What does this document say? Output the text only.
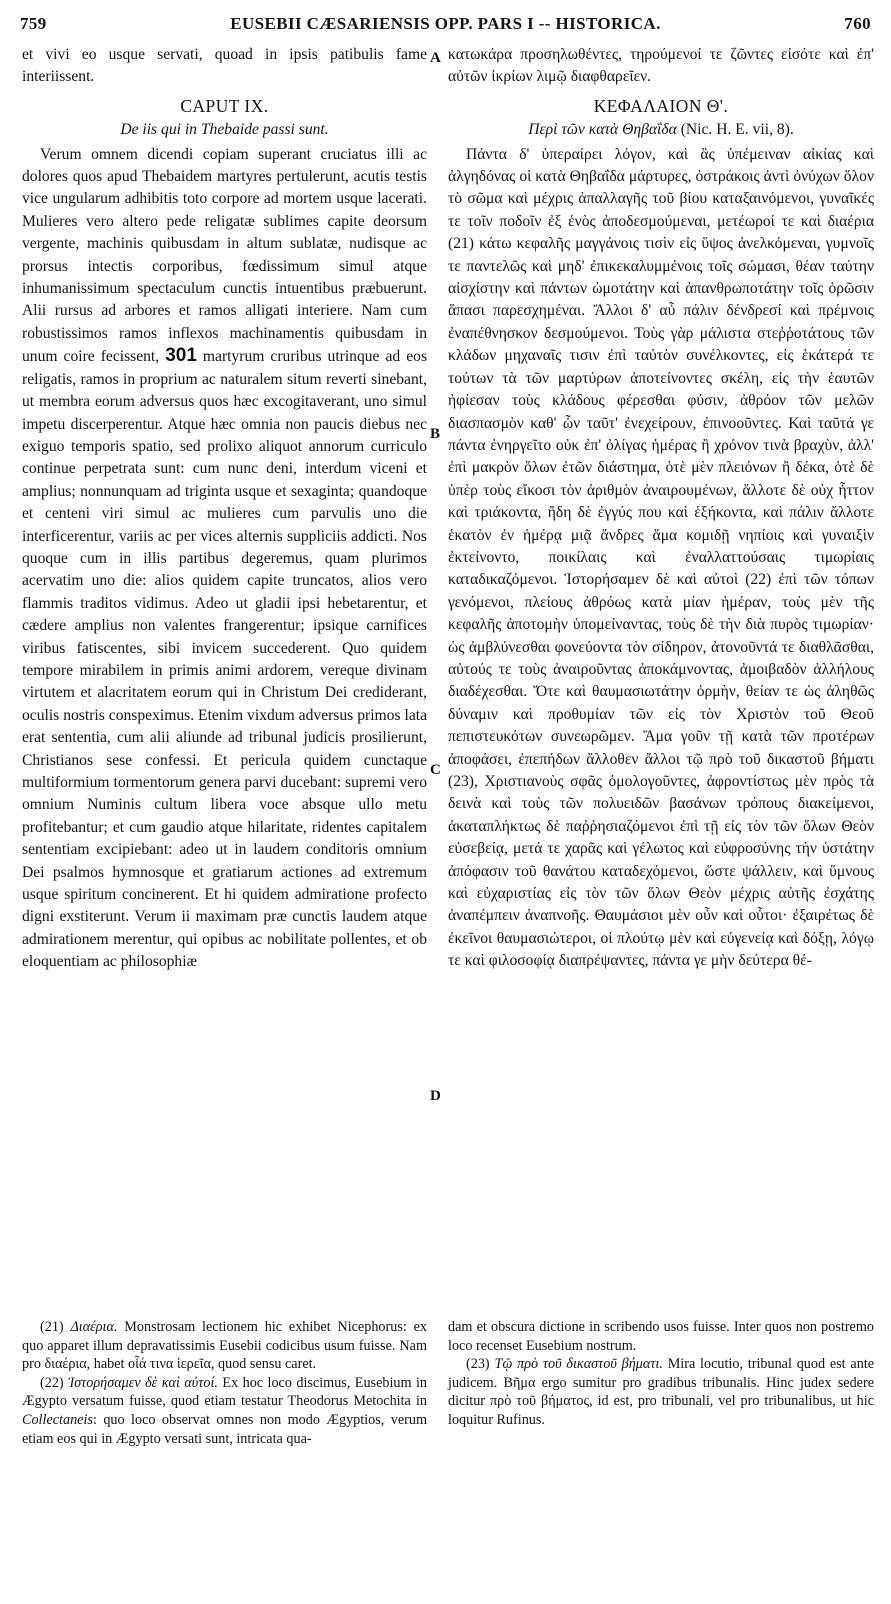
759	EUSEBII CÆSARIENSIS OPP. PARS I -- HISTORICA.	760

et vivi eo usque servati, quoad in ipsis patibulis fame interiissent.

CAPUT IX.
De iis qui in Thebaide passi sunt.

Verum omnem dicendi copiam superant cruciatus illi ac dolores quos apud Thebaidem martyres pertulerunt, acutis testis vice ungularum adhibitis toto corpore ad mortem usque lacerati. Mulieres vero altero pede religatæ sublimes capite deorsum vergente, machinis quibusdam in altum sublatæ, nudisque ac prorsus intectis corporibus, fœdissimum simul atque inhumanissimum spectaculum cunctis intuentibus præbuerunt. Alii rursus ad arbores et ramos alligati interiere. Nam cum robustissimos ramos inflexos machinamentis quibusdam in unum coire fecissent, 301 martyrum cruribus utrinque ad eos religatis, ramos in proprium ac naturalem situm reverti sinebant, ut membra eorum adversus quos hæc excogitaverant, uno simul impetu discerperentur. Atque hæc omnia non paucis diebus nec exiguo temporis spatio, sed prolixo aliquot annorum curriculo continue perpetrata sunt: cum nunc deni, interdum viceni et amplius; nonnunquam ad triginta usque et sexaginta; quandoque et centeni viri simul ac mulieres cum parvulis uno die interficerentur, variis ac per vices alternis suppliciis addicti. Nos quoque cum in illis partibus degeremus, quam plurimos acervatim uno die: alios quidem capite truncatos, alios vero flammis traditos vidimus. Adeo ut gladii ipsi hebetarentur, et cædere amplius non valentes frangerentur; ipsique carnifices viribus fatiscentes, sibi invicem succederent. Quo quidem tempore mirabilem in primis animi ardorem, vereque divinam virtutem et alacritatem eorum qui in Christum Dei crediderant, oculis nostris conspeximus. Etenim vixdum adversus primos lata erat sententia, cum alii aliunde ad tribunal judicis prosilierunt, Christianos sese confessi. Et pericula quidem cunctaque multiformium tormentorum genera parvi ducebant: supremi vero omnium Numinis cultum libera voce absque ullo metu profitebantur; et cum gaudio atque hilaritate, ridentes capitalem sententiam excipiebant: adeo ut in laudem conditoris omnium Dei psalmos hymnosque et gratiarum actiones ad extremum usque spiritum concinerent. Et hi quidem admiratione profecto digni exstiterunt. Verum ii maximam præ cunctis laudem atque admirationem merentur, qui opibus ac nobilitate pollentes, et ob eloquentiam ac philosophiæ

A
B
C
D

κατωκάρα προσηλωθέντες, τηρούμενοί τε ζῶντες εἰσότε καὶ ἐπ' αὐτῶν ἰκρίων λιμῷ διαφθαρεῖεν.

ΚΕΦΑΛΑΙΟΝ Θ'.
Περὶ τῶν κατὰ Θηβαΐδα (Nic. H. E. vii, 8).

Πάντα δ' ὑπεραίρει λόγον, καὶ ἃς ὑπέμειναν αἰκίας καὶ ἀλγηδόνας οἱ κατὰ Θηβαΐδα μάρτυρες, ὀστράκοις ἀντὶ ὀνύχων ὅλον τὸ σῶμα καὶ μέχρις ἀπαλλαγῆς τοῦ βίου καταξαινόμενοι, γυναῖκές τε τοῖν ποδοῖν ἐξ ἑνὸς ἀποδεσμούμεναι, μετέωροί τε καὶ διαέρια (21) κάτω κεφαλῆς μαγγάνοις τισὶν εἰς ὕψος ἀνελκόμεναι, γυμνοῖς τε παντελῶς καὶ μηδ' ἐπικεκαλυμμένοις τοῖς σώμασι, θέαν ταύτην αἰσχίστην καὶ πάντων ὠμοτάτην καὶ ἀπανθρωποτάτην τοῖς ὁρῶσιν ἅπασι παρεσχημέναι. Ἄλλοι δ' αὖ πάλιν δένδρεσί καὶ πρέμνοις ἐναπέθνησκον δεσμούμενοι. Τοὺς γὰρ μάλιστα στεῤῥοτάτους τῶν κλάδων μηχαναῖς τισιν ἐπὶ ταὐτὸν συνέλκοντες, εἰς ἑκάτερά τε τούτων τὰ τῶν μαρτύρων ἀποτείνοντες σκέλη, εἰς τὴν ἑαυτῶν ἠφίεσαν τοὺς κλάδους φέρεσθαι φύσιν, ἀθρόον τῶν μελῶν διασπασμὸν καθ' ὧν ταῦτ' ἐνεχείρουν, ἐπινοοῦντες. Καὶ ταῦτά γε πάντα ἐνηργεῖτο οὐκ ἐπ' ὀλίγας ἡμέρας ἢ χρόνον τινὰ βραχὺν, ἀλλ' ἐπὶ μακρὸν ὅλων ἐτῶν διάστημα, ὁτὲ μὲν πλειόνων ἢ δέκα, ὁτὲ δὲ ὑπὲρ τοὺς εἴκοσι τὸν ἀριθμὸν ἀναιρουμένων, ἄλλοτε δὲ οὐχ ἧττον καὶ τριάκοντα, ἤδη δὲ ἐγγύς που καὶ ἑξήκοντα, καὶ πάλιν ἄλλοτε ἑκατὸν ἐν ἡμέρᾳ μιᾷ ἄνδρες ἅμα κομιδῇ νηπίοις καὶ γυναιξὶν ἐκτείνοντο, ποικίλαις καὶ ἐναλλαττούσαις τιμωρίαις καταδικαζόμενοι. Ἱστορήσαμεν δὲ καὶ αὐτοὶ (22) ἐπὶ τῶν τόπων γενόμενοι, πλείους ἀθρόως κατὰ μίαν ἡμέραν, τοὺς μὲν τῆς κεφαλῆς ἀποτομὴν ὑπομείναντας, τοὺς δὲ τὴν διὰ πυρὸς τιμωρίαν· ὡς ἀμβλύνεσθαι φονεύοντα τὸν σίδηρον, ἀτονοῦντά τε διαθλᾶσθαι, αὐτούς τε τοὺς ἀναιροῦντας ἀποκάμνοντας, ἀμοιβαδὸν ἀλλήλους διαδέχεσθαι. Ὅτε καὶ θαυμασιωτάτην ὁρμὴν, θείαν τε ὡς ἀληθῶς δύναμιν καὶ προθυμίαν τῶν εἰς τὸν Χριστὸν τοῦ Θεοῦ πεπιστευκότων συνεωρῶμεν. Ἅμα γοῦν τῇ κατὰ τῶν προτέρων ἀποφάσει, ἐπεπήδων ἄλλοθεν ἄλλοι τῷ πρὸ τοῦ δικαστοῦ βήματι (23), Χριστιανοὺς σφᾶς ὁμολογοῦντες, ἀφροντίστως μὲν πρὸς τὰ δεινὰ καὶ τοὺς τῶν πολυειδῶν βασάνων τρόπους διακείμενοι, ἀκαταπλήκτως δὲ παῤῥησιαζόμενοι ἐπὶ τῇ εἰς τὸν τῶν ὅλων Θεὸν εὐσεβείᾳ, μετά τε χαρᾶς καὶ γέλωτος καὶ εὐφροσύνης τὴν ὑστάτην ἀπόφασιν τοῦ θανάτου καταδεχόμενοι, ὥστε ψάλλειν, καὶ ὕμνους καὶ εὐχαριστίας εἰς τὸν τῶν ὅλων Θεὸν μέχρις αὐτῆς ἐσχάτης ἀναπέμπειν ἀναπνοῆς. Θαυμάσιοι μὲν οὖν καὶ οὗτοι· ἐξαιρέτως δὲ ἐκεῖνοι θαυμασιώτεροι, οἱ πλούτῳ μὲν καὶ εὐγενείᾳ καὶ δόξῃ, λόγῳ τε καὶ φιλοσοφίᾳ διαπρέψαντες, πάντα γε μὴν δεύτερα θέ-

(21) Διαέρια. Monstrosam lectionem hic exhibet Nicephorus: ex quo apparet illum depravatissimis Eusebii codicibus usum fuisse. Nam pro διαέρια, habet οἷά τινα ἱερεῖα, quod sensu caret.

(22) Ἱστορήσαμεν δὲ καὶ αὐτοί. Ex hoc loco discimus, Eusebium in Ægypto versatum fuisse, quod etiam testatur Theodorus Metochita in Collectaneis: quo loco observat omnes non modo Ægyptios, verum etiam eos qui in Ægypto versati sunt, intricata qua-

dam et obscura dictione in scribendo usos fuisse. Inter quos non postremo loco recenset Eusebium nostrum.

(23) Τῷ πρὸ τοῦ δικαστοῦ βήματι. Mira locutio, tribunal quod est ante judicem. Βῆμα ergo sumitur pro gradibus tribunalis. Hinc judex sedere dicitur πρὸ τοῦ βήματος, id est, pro tribunali, vel pro tribunalibus, ut hic loquitur Rufinus.
